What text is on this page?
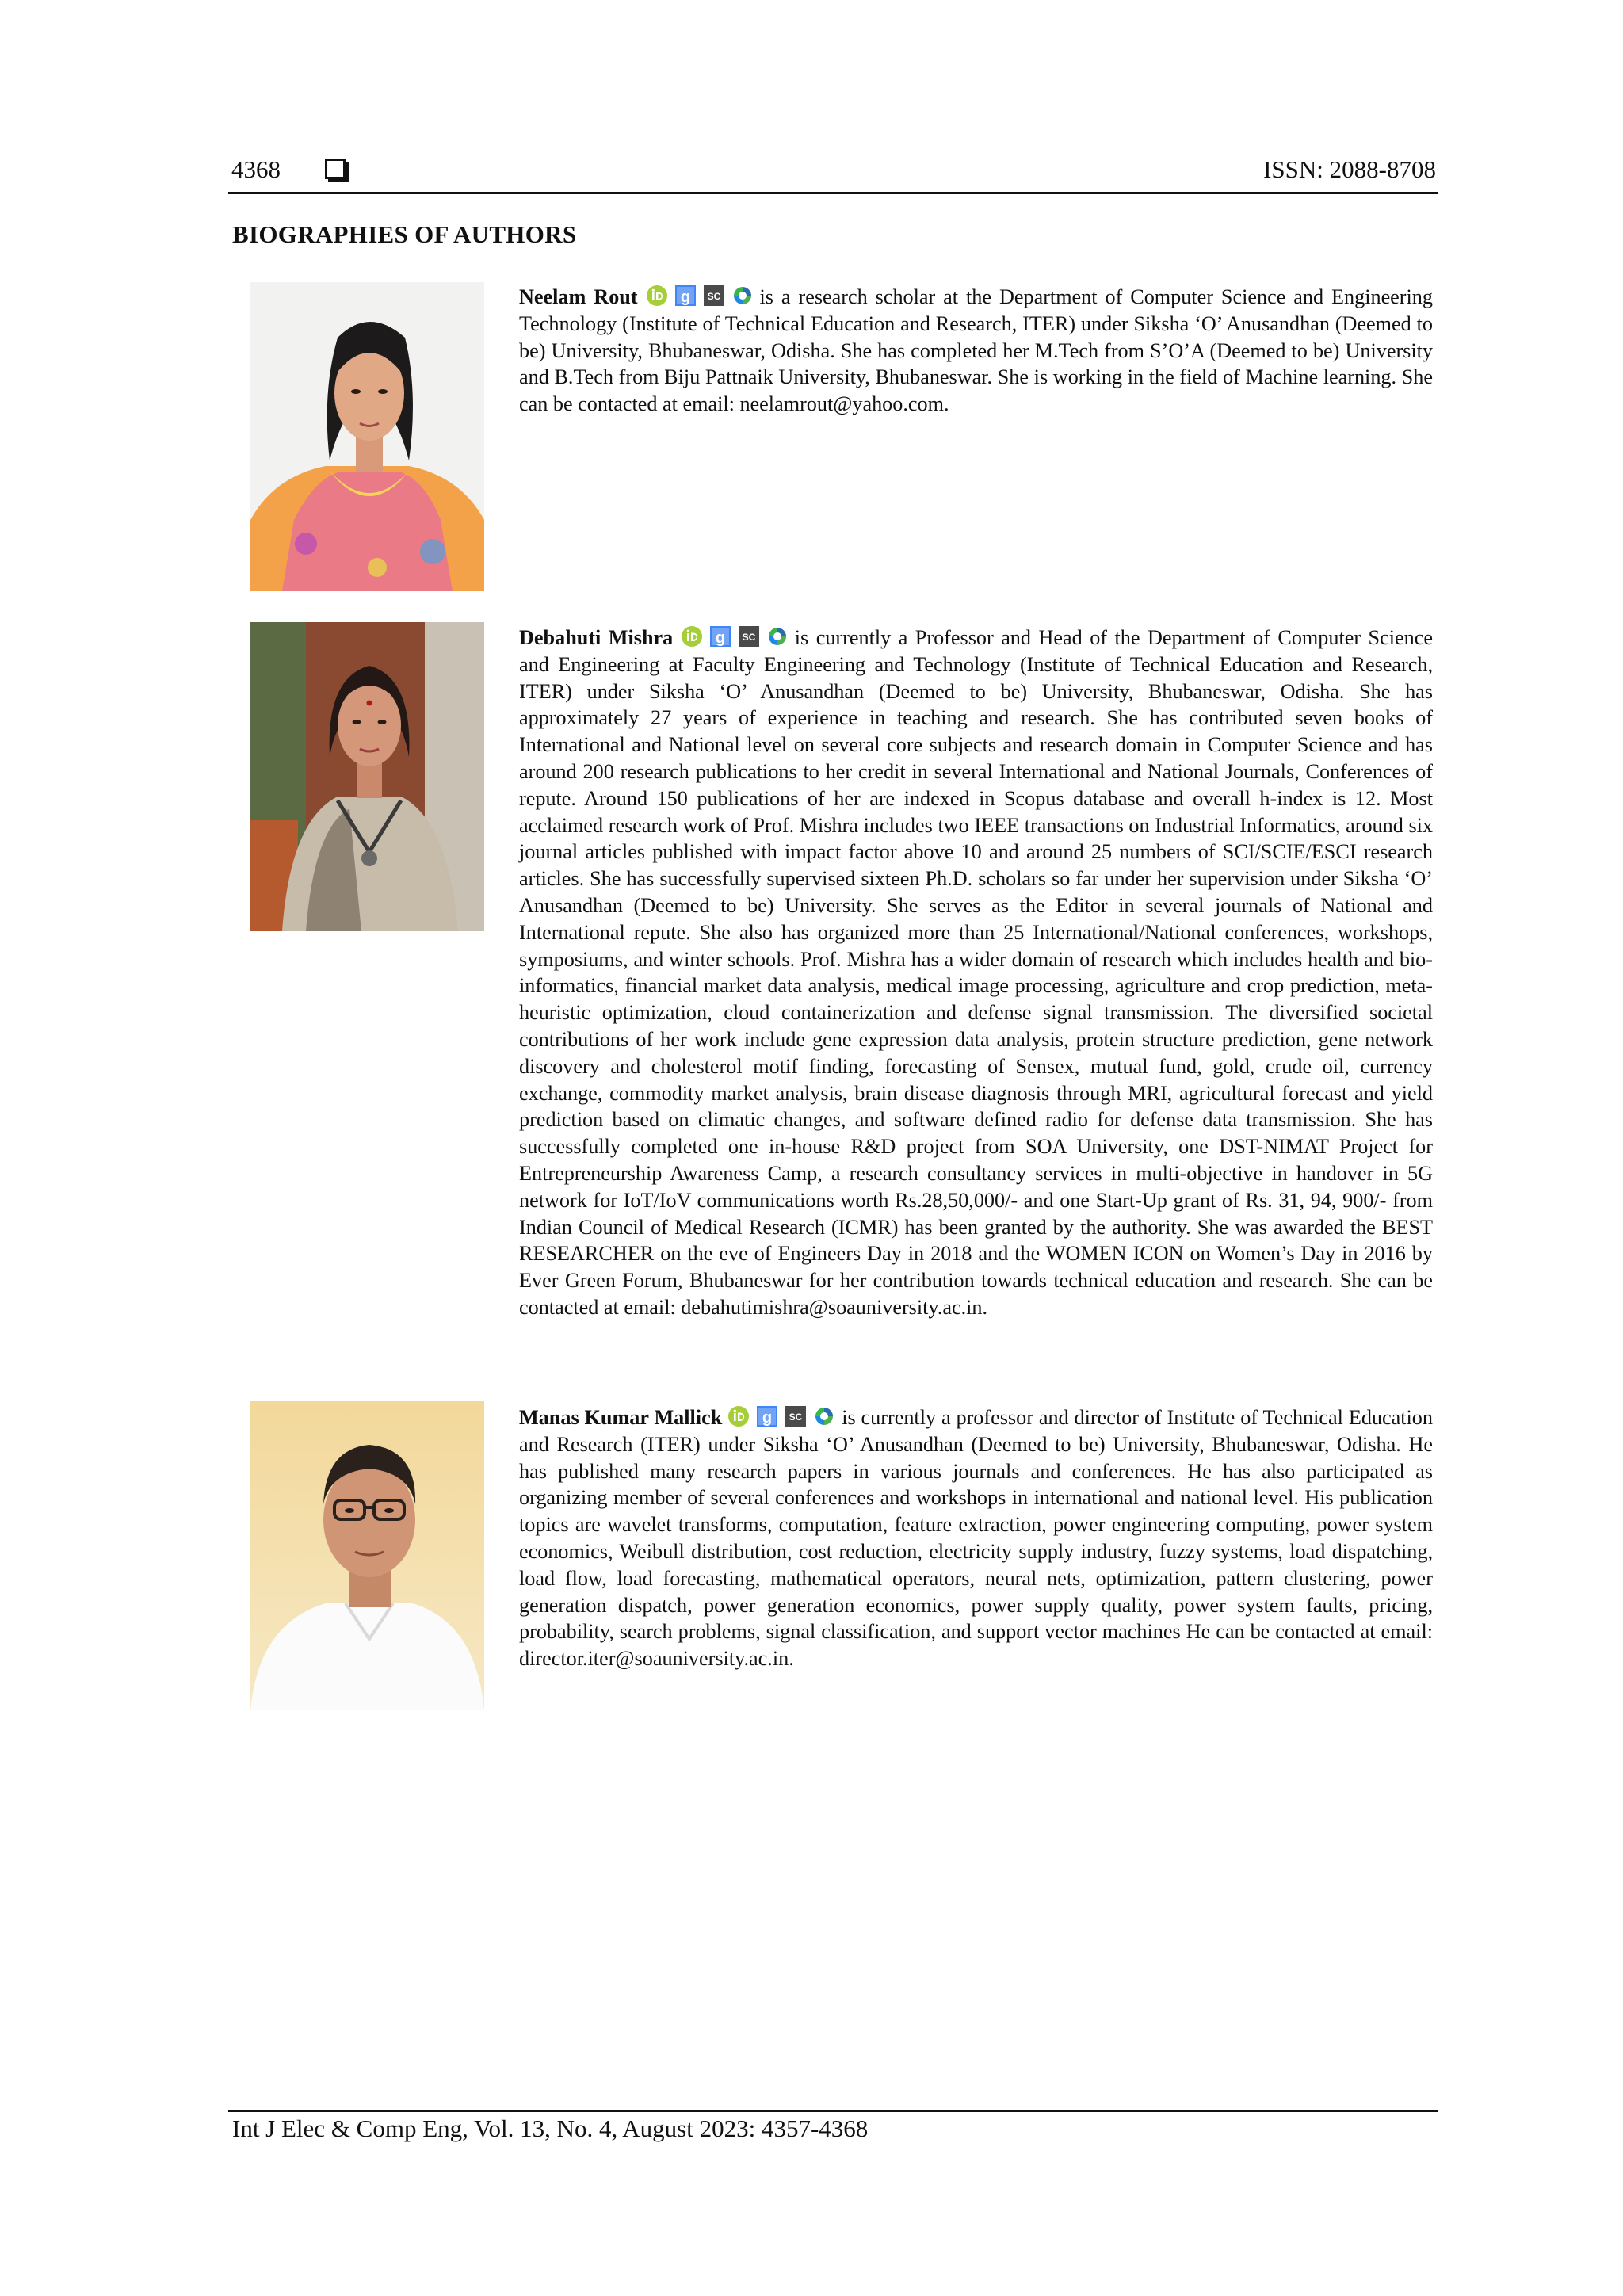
4368	ISSN: 2088-8708
BIOGRAPHIES OF AUTHORS

Neelam Rout	is a research scholar at the Department of Computer Science and Engineering Technology (Institute of Technical Education and Research, ITER) under Siksha ‘O’ Anusandhan (Deemed to be) University, Bhubaneswar, Odisha. She has completed her M.Tech from S’O’A (Deemed to be) University and B.Tech from Biju Pattnaik University, Bhubaneswar. She is working in the field of Machine learning. She can be contacted at email: neelamrout@yahoo.com.

Debahuti Mishra	is currently a Professor and Head of the Department of Computer Science and Engineering at Faculty Engineering and Technology (Institute of Technical Education and Research, ITER) under Siksha ‘O’ Anusandhan (Deemed to be) University, Bhubaneswar, Odisha. She has approximately 27 years of experience in teaching and research. She has contributed seven books of International and National level on several core subjects and research domain in Computer Science and has around 200 research publications to her credit in several International and National Journals, Conferences of repute. Around 150 publications of her are indexed in Scopus database and overall h-index is 12. Most acclaimed research work of Prof. Mishra includes two IEEE transactions on Industrial Informatics, around six journal articles published with impact factor above 10 and around 25 numbers of SCI/SCIE/ESCI research articles. She has successfully supervised sixteen Ph.D. scholars so far under her supervision under Siksha ‘O’ Anusandhan (Deemed to be) University. She serves as the Editor in several journals of National and International repute. She also has organized more than 25 International/National conferences, workshops, symposiums, and winter schools. Prof. Mishra has a wider domain of research which includes health and bio-informatics, financial market data analysis, medical image processing, agriculture and crop prediction, meta-heuristic optimization, cloud containerization and defense signal transmission. The diversified societal contributions of her work include gene expression data analysis, protein structure prediction, gene network discovery and cholesterol motif finding, forecasting of Sensex, mutual fund, gold, crude oil, currency exchange, commodity market analysis, brain disease diagnosis through MRI, agricultural forecast and yield prediction based on climatic changes, and software defined radio for defense data transmission. She has successfully completed one in-house R&D project from SOA University, one DST-NIMAT Project for Entrepreneurship Awareness Camp, a research consultancy services in multi-objective in handover in 5G network for IoT/IoV communications worth Rs.28,50,000/- and one Start-Up grant of Rs. 31, 94, 900/- from Indian Council of Medical Research (ICMR) has been granted by the authority. She was awarded the BEST RESEARCHER on the eve of Engineers Day in 2018 and the WOMEN ICON on Women’s Day in 2016 by Ever Green Forum, Bhubaneswar for her contribution towards technical education and research. She can be contacted at email: debahutimishra@soauniversity.ac.in.

Manas Kumar Mallick	is currently a professor and director of Institute of Technical Education and Research (ITER) under Siksha ‘O’ Anusandhan (Deemed to be) University, Bhubaneswar, Odisha. He has published many research papers in various journals and conferences. He has also participated as organizing member of several conferences and workshops in international and national level. His publication topics are wavelet transforms, computation, feature extraction, power engineering computing, power system economics, Weibull distribution, cost reduction, electricity supply industry, fuzzy systems, load dispatching, load flow, load forecasting, mathematical operators, neural nets, optimization, pattern clustering, power generation dispatch, power generation economics, power supply quality, power system faults, pricing, probability, search problems, signal classification, and support vector machines He can be contacted at email: director.iter@soauniversity.ac.in.

Int J Elec & Comp Eng, Vol. 13, No. 4, August 2023: 4357-4368
